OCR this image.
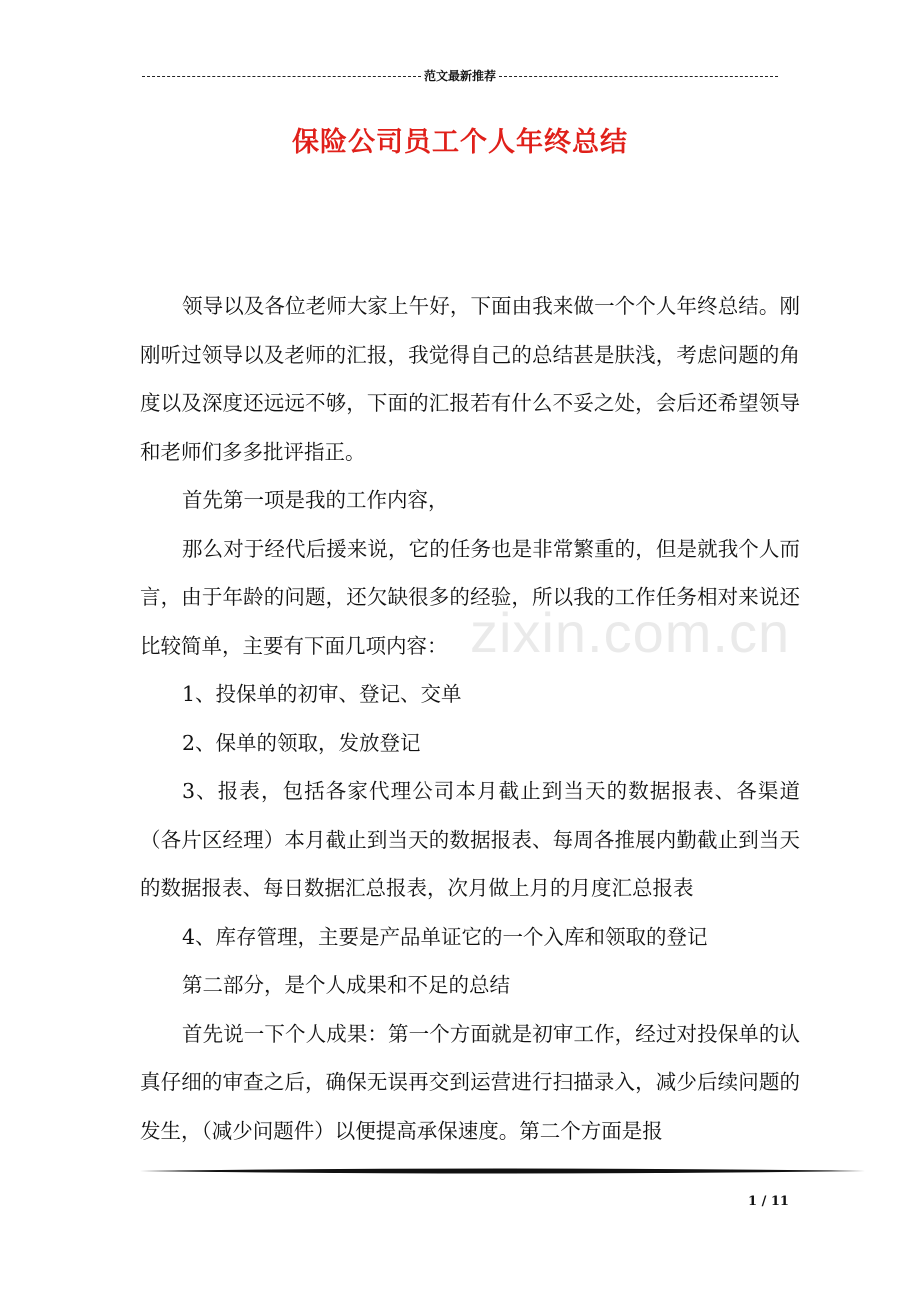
范文最新推荐
保险公司员工个人年终总结
zixin.com.cn

领导以及各位老师大家上午好，下面由我来做一个个人年终总结。刚刚听过领导以及老师的汇报，我觉得自己的总结甚是肤浅，考虑问题的角度以及深度还远远不够，下面的汇报若有什么不妥之处，会后还希望领导和老师们多多批评指正。

首先第一项是我的工作内容，

那么对于经代后援来说，它的任务也是非常繁重的，但是就我个人而言，由于年龄的问题，还欠缺很多的经验，所以我的工作任务相对来说还比较简单，主要有下面几项内容：

1、投保单的初审、登记、交单

2、保单的领取，发放登记

3、报表，包括各家代理公司本月截止到当天的数据报表、各渠道（各片区经理）本月截止到当天的数据报表、每周各推展内勤截止到当天的数据报表、每日数据汇总报表，次月做上月的月度汇总报表

4、库存管理，主要是产品单证它的一个入库和领取的登记

第二部分，是个人成果和不足的总结

首先说一下个人成果：第一个方面就是初审工作，经过对投保单的认真仔细的审查之后，确保无误再交到运营进行扫描录入，减少后续问题的发生，（减少问题件）以便提高承保速度。第二个方面是报

1 / 11
